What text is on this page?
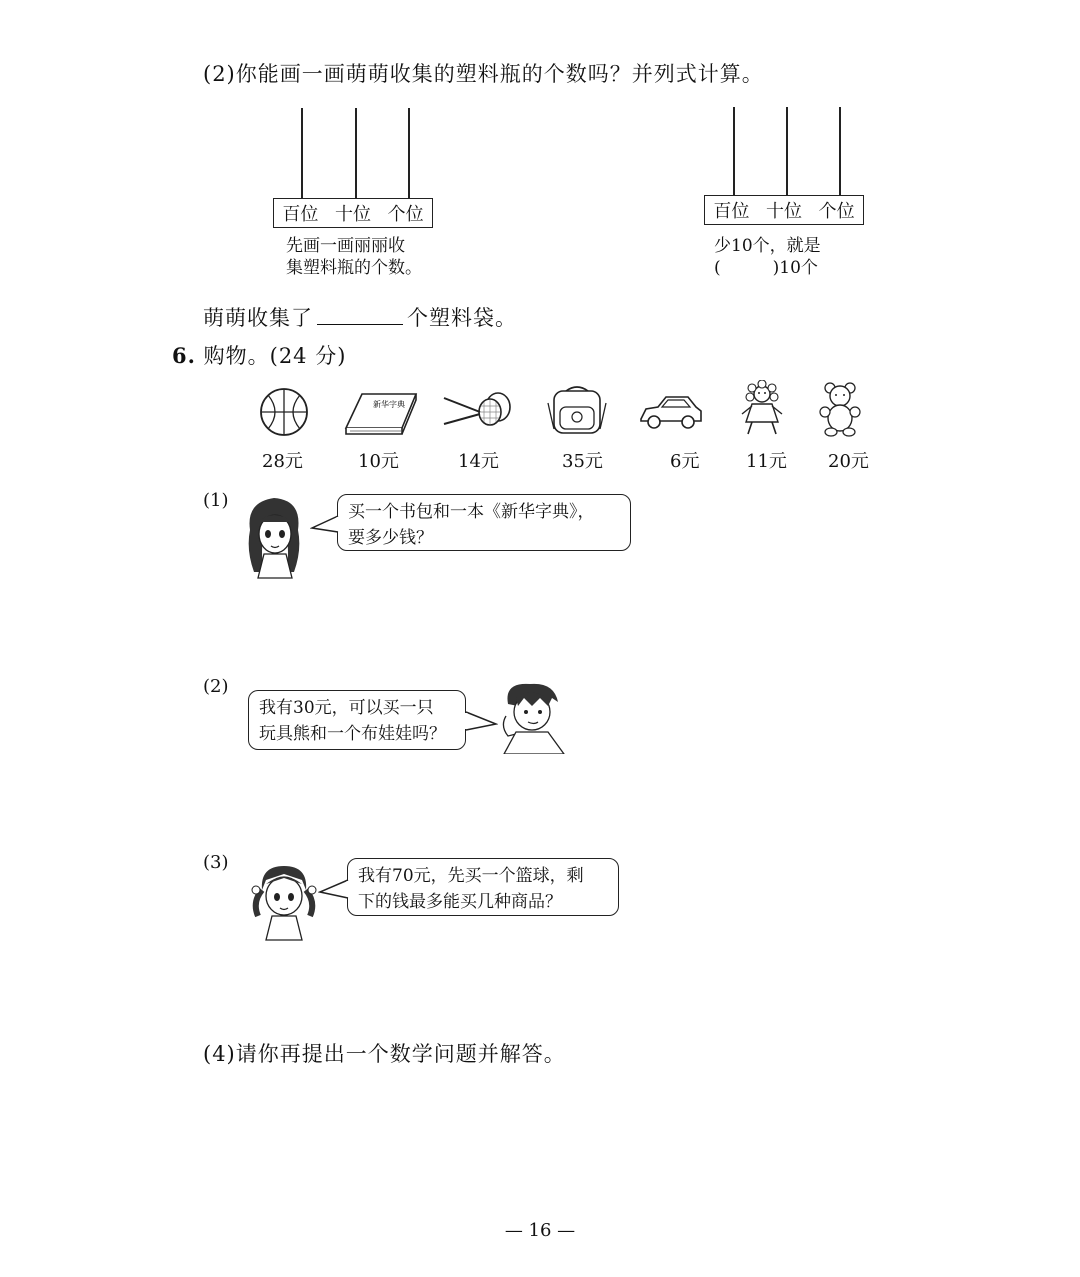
(2)你能画一画萌萌收集的塑料瓶的个数吗？并列式计算。
百位 十位 个位
先画一画丽丽收
集塑料瓶的个数。
百位 十位 个位
少10个，就是
(	)10个
萌萌收集了	个塑料袋。
6. 购物。(24 分)
28元
新华字典
10元	14元	35元	6元	11元 20元
(1)
买一个书包和一本《新华字典》，
要多少钱？
(2)
我有30元，可以买一只
玩具熊和一个布娃娃吗？
(3)
我有70元，先买一个篮球，剩
下的钱最多能买几种商品？
(4)请你再提出一个数学问题并解答。
— 16 —
